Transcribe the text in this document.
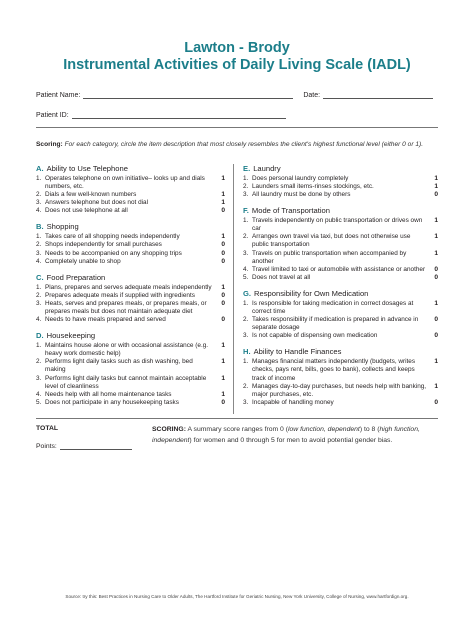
Lawton - Brody
Instrumental Activities of Daily Living Scale (IADL)
Patient Name:	Date:
Patient ID:
Scoring: For each category, circle the item description that most closely resembles the client's highest functional level (either 0 or 1).
A. Ability to Use Telephone
1. Operates telephone on own initiative– looks up and dials numbers, etc.
1
2. Dials a few well-known numbers	1
3. Answers telephone but does not dial	1
4. Does not use telephone at all	0
B. Shopping
1. Takes care of all shopping needs independently	1
2. Shops independently for small purchases	0
3. Needs to be accompanied on any shopping trips	0
4. Completely unable to shop	0
C. Food Preparation
1. Plans, prepares and serves adequate meals independently	1
2. Prepares adequate meals if supplied with ingredients	0
3. Heats, serves and prepares meals, or prepares meals, or prepares meals but does not maintain adequate diet
0
4. Needs to have meals prepared and served	0
D. Housekeeping
1. Maintains house alone or with occasional assistance (e.g. heavy work domestic help)
1
2. Performs light daily tasks such as dish washing, bed making
1
3. Performs light daily tasks but cannot maintain acceptable level of cleanliness
1
4. Needs help with all home maintenance tasks	1
5. Does not participate in any housekeeping tasks	0
E. Laundry
1. Does personal laundry completely	1
2. Launders small items-rinses stockings, etc.	1
3. All laundry must be done by others	0
F. Mode of Transportation
1. Travels independently on public transportation or drives own car
1
2. Arranges own travel via taxi, but does not otherwise use public transportation
1
3. Travels on public transportation when accompanied by another
1
4. Travel limited to taxi or automobile with assistance or another	0
5. Does not travel at all	0
G. Responsibility for Own Medication
1. Is responsible for taking medication in correct dosages at correct time
1
2. Takes responsibility if medication is prepared in advance in separate dosage
0
3. Is not capable of dispensing own medication	0
H. Ability to Handle Finances
1. Manages financial matters independently (budgets, writes checks, pays rent, bills, goes to bank), collects and keeps track of income
1
2. Manages day-to-day purchases, but needs help with banking, major purchases, etc.
1
3. Incapable of handling money	0
TOTAL
Points:
SCORING: A summary score ranges from 0 (low function, dependent) to 8 (high function, independent) for women and 0 through 5 for men to avoid potential gender bias.
Source: try this: Best Practices in Nursing Care to Older Adults, The Hartford Institute for Geriatric Nursing, New York University, College of Nursing, www.hartfordign.org.
